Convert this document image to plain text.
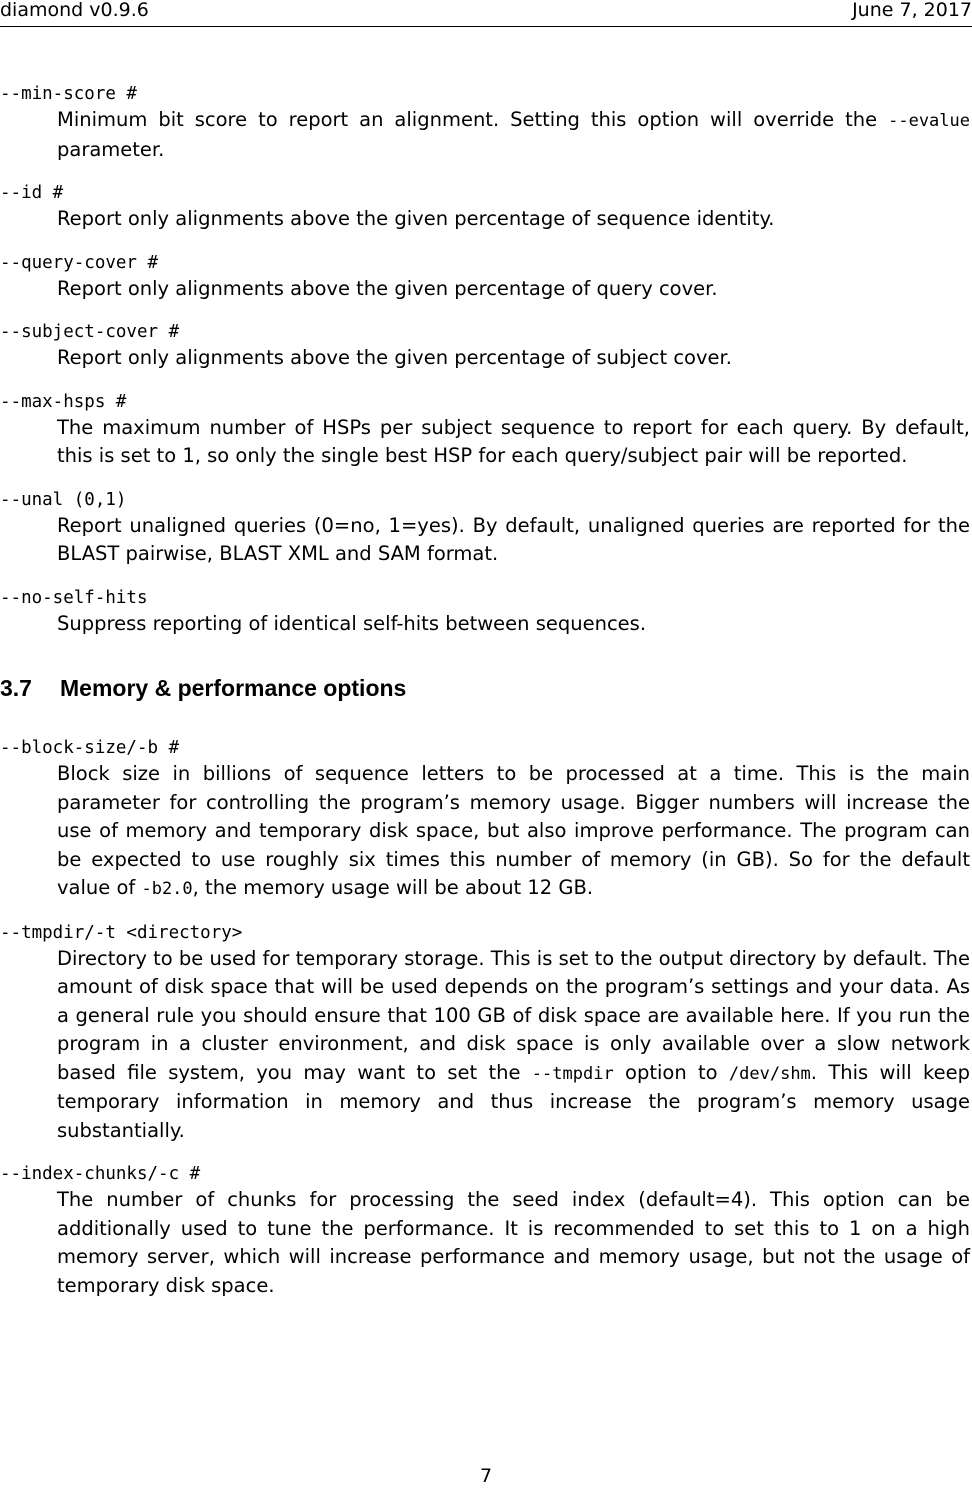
diamond v0.9.6	June 7, 2017
--min-score #
Minimum bit score to report an alignment. Setting this option will override the --evalue parameter.
--id #
Report only alignments above the given percentage of sequence identity.
--query-cover #
Report only alignments above the given percentage of query cover.
--subject-cover #
Report only alignments above the given percentage of subject cover.
--max-hsps #
The maximum number of HSPs per subject sequence to report for each query. By default, this is set to 1, so only the single best HSP for each query/subject pair will be reported.
--unal (0,1)
Report unaligned queries (0=no, 1=yes). By default, unaligned queries are reported for the BLAST pairwise, BLAST XML and SAM format.
--no-self-hits
Suppress reporting of identical self-hits between sequences.
3.7 Memory & performance options
--block-size/-b #
Block size in billions of sequence letters to be processed at a time. This is the main parameter for controlling the program’s memory usage. Bigger numbers will increase the use of memory and temporary disk space, but also improve performance. The program can be expected to use roughly six times this number of memory (in GB). So for the default value of -b2.0, the memory usage will be about 12 GB.
--tmpdir/-t <directory>
Directory to be used for temporary storage. This is set to the output directory by default. The amount of disk space that will be used depends on the program’s settings and your data. As a general rule you should ensure that 100 GB of disk space are available here. If you run the program in a cluster environment, and disk space is only available over a slow network based file system, you may want to set the --tmpdir option to /dev/shm. This will keep temporary information in memory and thus increase the program’s memory usage substantially.
--index-chunks/-c #
The number of chunks for processing the seed index (default=4). This option can be additionally used to tune the performance. It is recommended to set this to 1 on a high memory server, which will increase performance and memory usage, but not the usage of temporary disk space.
7
